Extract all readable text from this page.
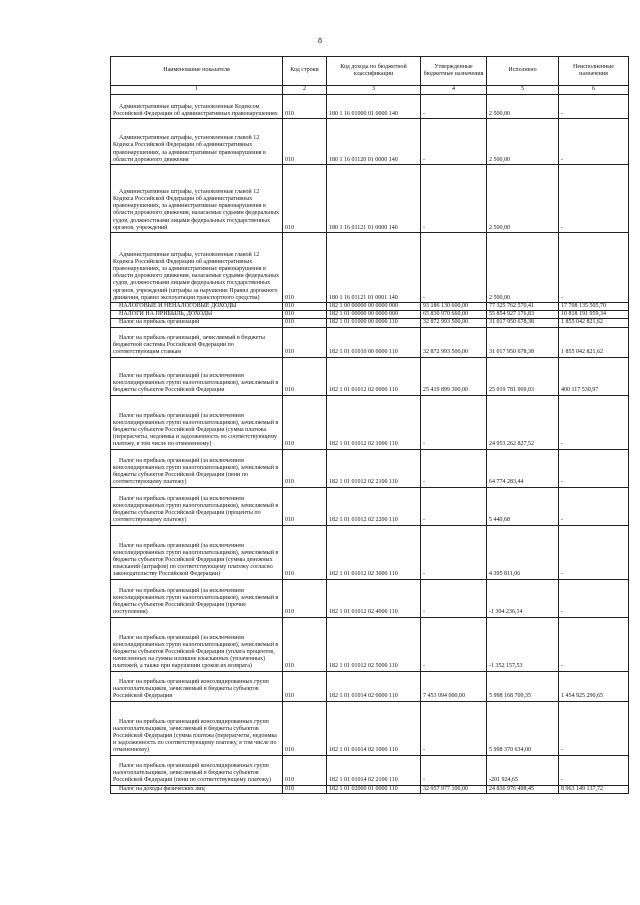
8
Наименование показателя	Код строки	Код дохода по бюджетной классификации	Утвержденные бюджетные назначения	Исполнено	Неисполненные назначения
1	2	3	4	5	6
Административные штрафы, установленные Кодексом Российской Федерации об административных правонарушениях	010	180 1 16 01000 01 0000 140	-	2 500,00	-
Административные штрафы, установленные главой 12 Кодекса Российской Федерации об административных правонарушениях, за административные правонарушения в области дорожного движения	010	180 1 16 01120 01 0000 140	-	2 500,00	-
Административные штрафы, установленные главой 12 Кодекса Российской Федерации об административных правонарушениях, за административные правонарушения в области дорожного движения, налагаемые судьями федеральных судов, должностными лицами федеральных государственных органов, учреждений	010	180 1 16 01121 01 0000 140	-	2 500,00	-
Административные штрафы, установленные главой 12 Кодекса Российской Федерации об административных правонарушениях, за административные правонарушения в области дорожного движения, налагаемые судьями федеральных судов, должностными лицами федеральных государственных органов, учреждений (штрафы за нарушение Правил дорожного движения, правил эксплуатации транспортного средства)	010	180 1 16 01121 01 0001 140	-	2 500,00	-
НАЛОГОВЫЕ И НЕНАЛОГОВЫЕ ДОХОДЫ	010	182 1 00 00000 00 0000 000	93 186 130 600,00	77 325 762 570,41	17 708 135 505,70
НАЛОГИ НА ПРИБЫЛЬ, ДОХОДЫ	010	182 1 01 00000 00 0000 000	65 830 970 660,00	55 854 927 176,83	10 818 191 959,34
Налог на прибыль организаций	010	182 1 01 01000 00 0000 110	32 872 993 500,00	31 017 950 678,38	1 855 042 821,62
Налог на прибыль организаций, зачисляемый в бюджеты бюджетной системы Российской Федерации по соответствующим ставкам	010	182 1 01 01010 00 0000 110	32 872 993 500,00	31 017 950 678,38	1 855 042 821,62
Налог на прибыль организаций (за исключением консолидированных групп налогоплательщиков), зачисляемый в бюджеты субъектов Российской Федерации	010	182 1 01 01012 02 0000 110	25 419 899 300,00	25 019 781 969,03	400 117 530,97
Налог на прибыль организаций (за исключением консолидированных групп налогоплательщиков), зачисляемый в бюджеты субъектов Российской Федерации (сумма платежа (перерасчеты, недоимка и задолженность по соответствующему платежу, в том числе по отмененному)	010	182 1 01 01012 02 1000 110	-	24 953 262 827,52	-
Налог на прибыль организаций (за исключением консолидированных групп налогоплательщиков), зачисляемый в бюджеты субъектов Российской Федерации (пени по соответствующему платежу)	010	182 1 01 01012 02 2100 110	-	64 774 283,44	-
Налог на прибыль организаций (за исключением консолидированных групп налогоплательщиков), зачисляемый в бюджеты субъектов Российской Федерации (проценты по соответствующему платежу)	010	182 1 01 01012 02 2200 110	-	5 440,68	-
Налог на прибыль организаций (за исключением консолидированных групп налогоплательщиков), зачисляемый в бюджеты субъектов Российской Федерации (суммы денежных взысканий (штрафов) по соответствующему платежу согласно законодательству Российской Федерации)	010	182 1 01 01012 02 3000 110	-	4 395 811,06	-
Налог на прибыль организаций (за исключением консолидированных групп налогоплательщиков), зачисляемый в бюджеты субъектов Российской Федерации (прочие поступления)	010	182 1 01 01012 02 4000 110	-	-1 304 236,14	-
Налог на прибыль организаций (за исключением консолидированных групп налогоплательщиков), зачисляемый в бюджеты субъектов Российской Федерации (уплата процентов, начисленных на суммы излишне взысканных (уплаченных) платежей, а также при нарушении сроков их возврата)	010	182 1 01 01012 02 5000 110	-	-1 352 157,53	-
Налог на прибыль организаций консолидированных групп налогоплательщиков, зачисляемый в бюджеты субъектов Российской Федерации	010	182 1 01 01014 02 0000 110	7 453 094 000,00	5 998 168 709,35	1 454 925 290,65
Налог на прибыль организаций консолидированных групп налогоплательщиков, зачисляемый в бюджеты субъектов Российской Федерации (сумма платежа (перерасчеты, недоимка и задолженность по соответствующему платежу, в том числе по отмененному)	010	182 1 01 01014 02 1000 110	-	5 998 370 634,00	-
Налог на прибыль организаций консолидированных групп налогоплательщиков, зачисляемый в бюджеты субъектов Российской Федерации (пени по соответствующему платежу)	010	182 1 01 01014 02 2100 110	-	-201 924,65	-
Налог на доходы физических лиц	010	182 1 01 02000 01 0000 110	32 957 977 100,00	24 836 976 498,45	8 963 149 137,72
